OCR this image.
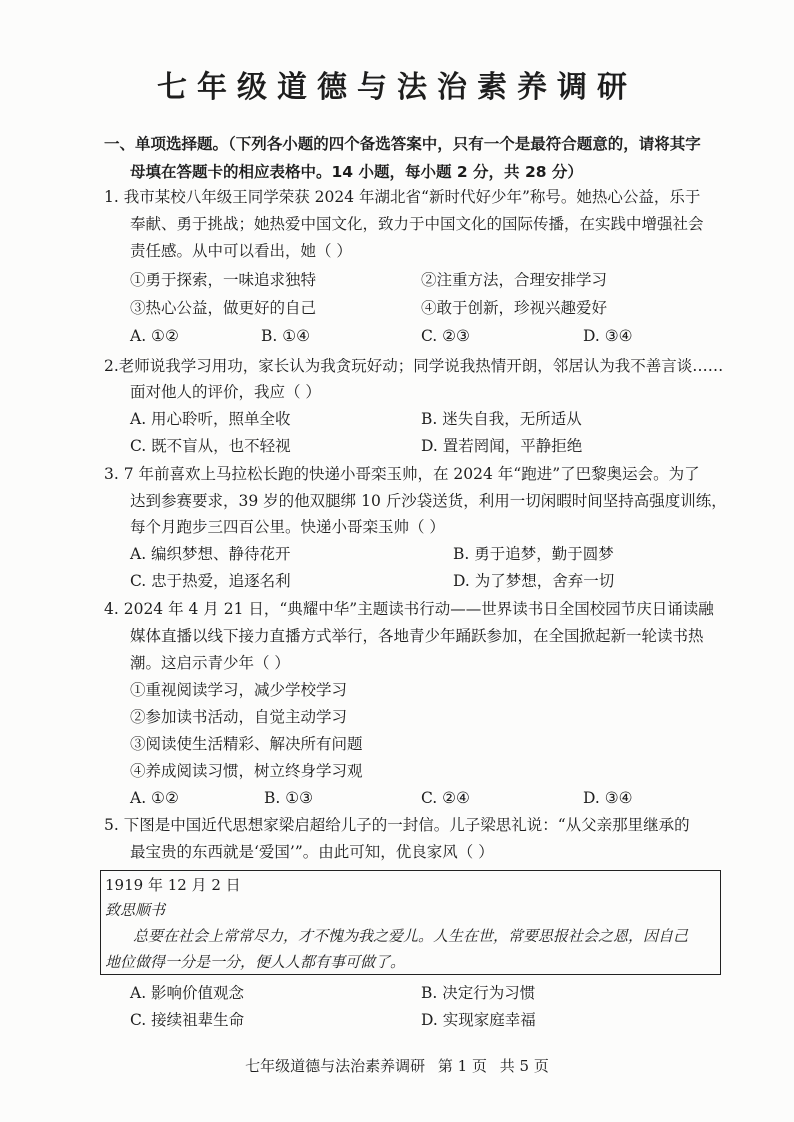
七年级道德与法治素养调研
一、单项选择题。（下列各小题的四个备选答案中，只有一个是最符合题意的，请将其字
母填在答题卡的相应表格中。14 小题，每小题 2 分，共 28 分）
1. 我市某校八年级王同学荣获 2024 年湖北省“新时代好少年”称号。她热心公益，乐于
奉献、勇于挑战；她热爱中国文化，致力于中国文化的国际传播，在实践中增强社会
责任感。从中可以看出，她（ ）
①勇于探索，一味追求独特	②注重方法，合理安排学习
③热心公益，做更好的自己	④敢于创新，珍视兴趣爱好
A. ①②	B. ①④	C. ②③	D. ③④
2.老师说我学习用功，家长认为我贪玩好动；同学说我热情开朗，邻居认为我不善言谈……
面对他人的评价，我应（ ）
A. 用心聆听，照单全收	B. 迷失自我，无所适从
C. 既不盲从，也不轻视	D. 置若罔闻，平静拒绝
3. 7 年前喜欢上马拉松长跑的快递小哥栾玉帅，在 2024 年“跑进”了巴黎奥运会。为了
达到参赛要求，39 岁的他双腿绑 10 斤沙袋送货，利用一切闲暇时间坚持高强度训练，
每个月跑步三四百公里。快递小哥栾玉帅（ ）
A. 编织梦想、静待花开	B. 勇于追梦，勤于圆梦
C. 忠于热爱，追逐名利	D. 为了梦想，舍弃一切
4. 2024 年 4 月 21 日，“典耀中华”主题读书行动——世界读书日全国校园节庆日诵读融
媒体直播以线下接力直播方式举行，各地青少年踊跃参加，在全国掀起新一轮读书热
潮。这启示青少年（ ）
①重视阅读学习，减少学校学习
②参加读书活动，自觉主动学习
③阅读使生活精彩、解决所有问题
④养成阅读习惯，树立终身学习观
A. ①②	B. ①③	C. ②④	D. ③④
5. 下图是中国近代思想家梁启超给儿子的一封信。儿子梁思礼说：“从父亲那里继承的
最宝贵的东西就是‘爱国’”。由此可知，优良家风（ ）
1919 年 12 月 2 日
致思顺书
总要在社会上常常尽力，才不愧为我之爱儿。人生在世，常要思报社会之恩，因自己
地位做得一分是一分，便人人都有事可做了。
A. 影响价值观念	B. 决定行为习惯
C. 接续祖辈生命	D. 实现家庭幸福
七年级道德与法治素养调研 第 1 页 共 5 页
